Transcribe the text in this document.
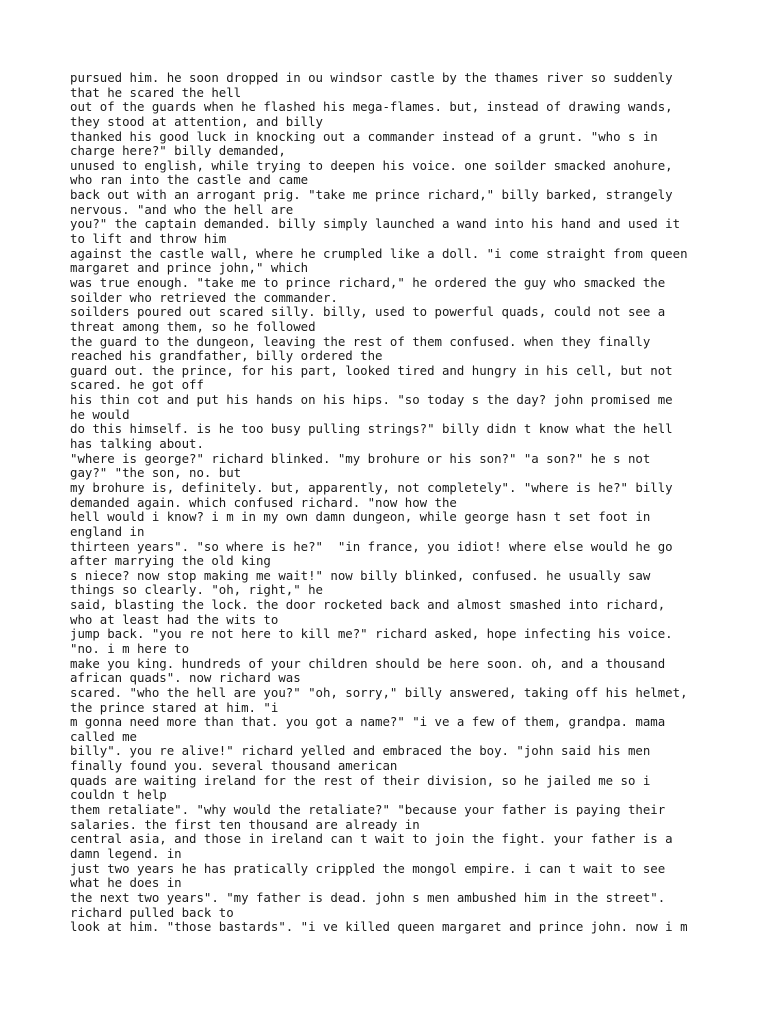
pursued him. he soon dropped in ou windsor castle by the thames river so suddenly
that he scared the hell
out of the guards when he flashed his mega-flames. but, instead of drawing wands,
they stood at attention, and billy
thanked his good luck in knocking out a commander instead of a grunt. "who s in
charge here?" billy demanded,
unused to english, while trying to deepen his voice. one soilder smacked anohure,
who ran into the castle and came
back out with an arrogant prig. "take me prince richard," billy barked, strangely
nervous. "and who the hell are
you?" the captain demanded. billy simply launched a wand into his hand and used it
to lift and throw him
against the castle wall, where he crumpled like a doll. "i come straight from queen
margaret and prince john," which
was true enough. "take me to prince richard," he ordered the guy who smacked the
soilder who retrieved the commander.
soilders poured out scared silly. billy, used to powerful quads, could not see a
threat among them, so he followed
the guard to the dungeon, leaving the rest of them confused. when they finally
reached his grandfather, billy ordered the
guard out. the prince, for his part, looked tired and hungry in his cell, but not
scared. he got off
his thin cot and put his hands on his hips. "so today s the day? john promised me
he would
do this himself. is he too busy pulling strings?" billy didn t know what the hell
has talking about.
"where is george?" richard blinked. "my brohure or his son?" "a son?" he s not
gay?" "the son, no. but
my brohure is, definitely. but, apparently, not completely". "where is he?" billy
demanded again. which confused richard. "now how the
hell would i know? i m in my own damn dungeon, while george hasn t set foot in
england in
thirteen years". "so where is he?"  "in france, you idiot! where else would he go
after marrying the old king
s niece? now stop making me wait!" now billy blinked, confused. he usually saw
things so clearly. "oh, right," he
said, blasting the lock. the door rocketed back and almost smashed into richard,
who at least had the wits to
jump back. "you re not here to kill me?" richard asked, hope infecting his voice.
"no. i m here to
make you king. hundreds of your children should be here soon. oh, and a thousand
african quads". now richard was
scared. "who the hell are you?" "oh, sorry," billy answered, taking off his helmet,
the prince stared at him. "i
m gonna need more than that. you got a name?" "i ve a few of them, grandpa. mama
called me
billy". you re alive!" richard yelled and embraced the boy. "john said his men
finally found you. several thousand american
quads are waiting ireland for the rest of their division, so he jailed me so i
couldn t help
them retaliate". "why would the retaliate?" "because your father is paying their
salaries. the first ten thousand are already in
central asia, and those in ireland can t wait to join the fight. your father is a
damn legend. in
just two years he has pratically crippled the mongol empire. i can t wait to see
what he does in
the next two years". "my father is dead. john s men ambushed him in the street".
richard pulled back to
look at him. "those bastards". "i ve killed queen margaret and prince john. now i m
